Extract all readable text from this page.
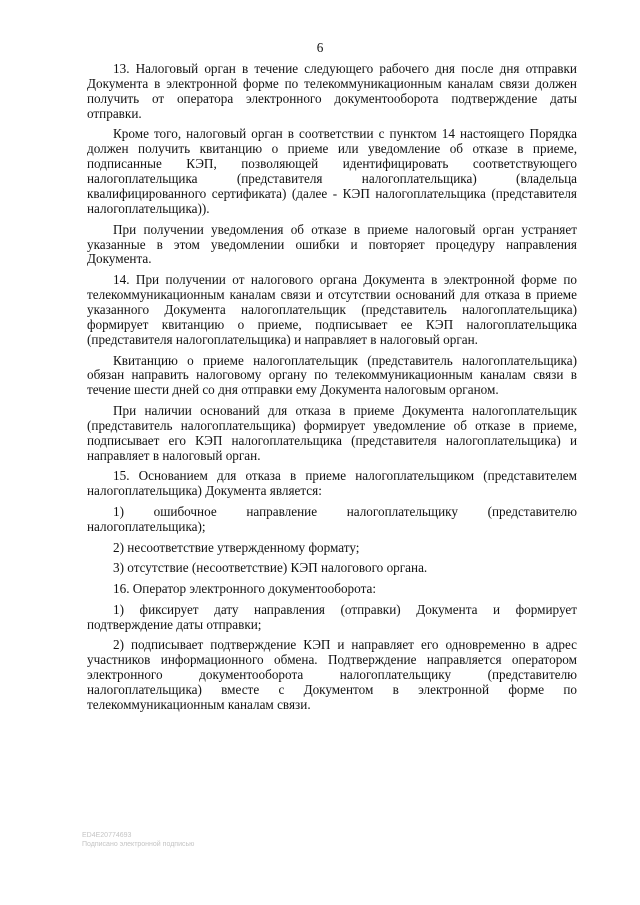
6

13. Налоговый орган в течение следующего рабочего дня после дня отправки Документа в электронной форме по телекоммуникационным каналам связи должен получить от оператора электронного документооборота подтверждение даты отправки.

Кроме того, налоговый орган в соответствии с пунктом 14 настоящего Порядка должен получить квитанцию о приеме или уведомление об отказе в приеме, подписанные КЭП, позволяющей идентифицировать соответствующего налогоплательщика (представителя налогоплательщика) (владельца квалифицированного сертификата) (далее - КЭП налогоплательщика (представителя налогоплательщика)).

При получении уведомления об отказе в приеме налоговый орган устраняет указанные в этом уведомлении ошибки и повторяет процедуру направления Документа.

14. При получении от налогового органа Документа в электронной форме по телекоммуникационным каналам связи и отсутствии оснований для отказа в приеме указанного Документа налогоплательщик (представитель налогоплательщика) формирует квитанцию о приеме, подписывает ее КЭП налогоплательщика (представителя налогоплательщика) и направляет в налоговый орган.

Квитанцию о приеме налогоплательщик (представитель налогоплательщика) обязан направить налоговому органу по телекоммуникационным каналам связи в течение шести дней со дня отправки ему Документа налоговым органом.

При наличии оснований для отказа в приеме Документа налогоплательщик (представитель налогоплательщика) формирует уведомление об отказе в приеме, подписывает его КЭП налогоплательщика (представителя налогоплательщика) и направляет в налоговый орган.

15. Основанием для отказа в приеме налогоплательщиком (представителем налогоплательщика) Документа является:

1) ошибочное направление налогоплательщику (представителю налогоплательщика);

2) несоответствие утвержденному формату;

3) отсутствие (несоответствие) КЭП налогового органа.

16. Оператор электронного документооборота:

1) фиксирует дату направления (отправки) Документа и формирует подтверждение даты отправки;

2) подписывает подтверждение КЭП и направляет его одновременно в адрес участников информационного обмена. Подтверждение направляется оператором электронного документооборота налогоплательщику (представителю налогоплательщика) вместе с Документом в электронной форме по телекоммуникационным каналам связи.

ED4E20774693
Подписано электронной подписью
